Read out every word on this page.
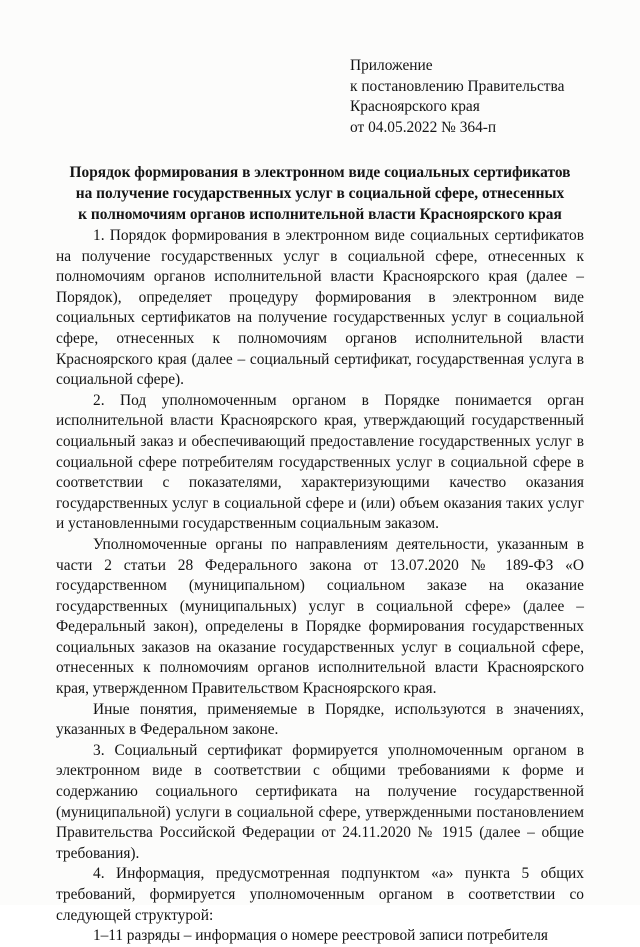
Приложение
к постановлению Правительства
Красноярского края
от 04.05.2022 № 364-п
Порядок формирования в электронном виде социальных сертификатов
на получение государственных услуг в социальной сфере, отнесенных
к полномочиям органов исполнительной власти Красноярского края

1. Порядок формирования в электронном виде социальных сертификатов на получение государственных услуг в социальной сфере, отнесенных к полномочиям органов исполнительной власти Красноярского края (далее – Порядок), определяет процедуру формирования в электронном виде социальных сертификатов на получение государственных услуг в социальной сфере, отнесенных к полномочиям органов исполнительной власти Красноярского края (далее – социальный сертификат, государственная услуга в социальной сфере).

2. Под уполномоченным органом в Порядке понимается орган исполнительной власти Красноярского края, утверждающий государственный социальный заказ и обеспечивающий предоставление государственных услуг в социальной сфере потребителям государственных услуг в социальной сфере в соответствии с показателями, характеризующими качество оказания государственных услуг в социальной сфере и (или) объем оказания таких услуг и установленными государственным социальным заказом.

Уполномоченные органы по направлениям деятельности, указанным в части 2 статьи 28 Федерального закона от 13.07.2020 № 189-ФЗ «О государственном (муниципальном) социальном заказе на оказание государственных (муниципальных) услуг в социальной сфере» (далее – Федеральный закон), определены в Порядке формирования государственных социальных заказов на оказание государственных услуг в социальной сфере, отнесенных к полномочиям органов исполнительной власти Красноярского края, утвержденном Правительством Красноярского края.

Иные понятия, применяемые в Порядке, используются в значениях, указанных в Федеральном законе.

3. Социальный сертификат формируется уполномоченным органом в электронном виде в соответствии с общими требованиями к форме и содержанию социального сертификата на получение государственной (муниципальной) услуги в социальной сфере, утвержденными постановлением Правительства Российской Федерации от 24.11.2020 № 1915 (далее – общие требования).

4. Информация, предусмотренная подпунктом «а» пункта 5 общих требований, формируется уполномоченным органом в соответствии со следующей структурой:

1–11 разряды – информация о номере реестровой записи потребителя
